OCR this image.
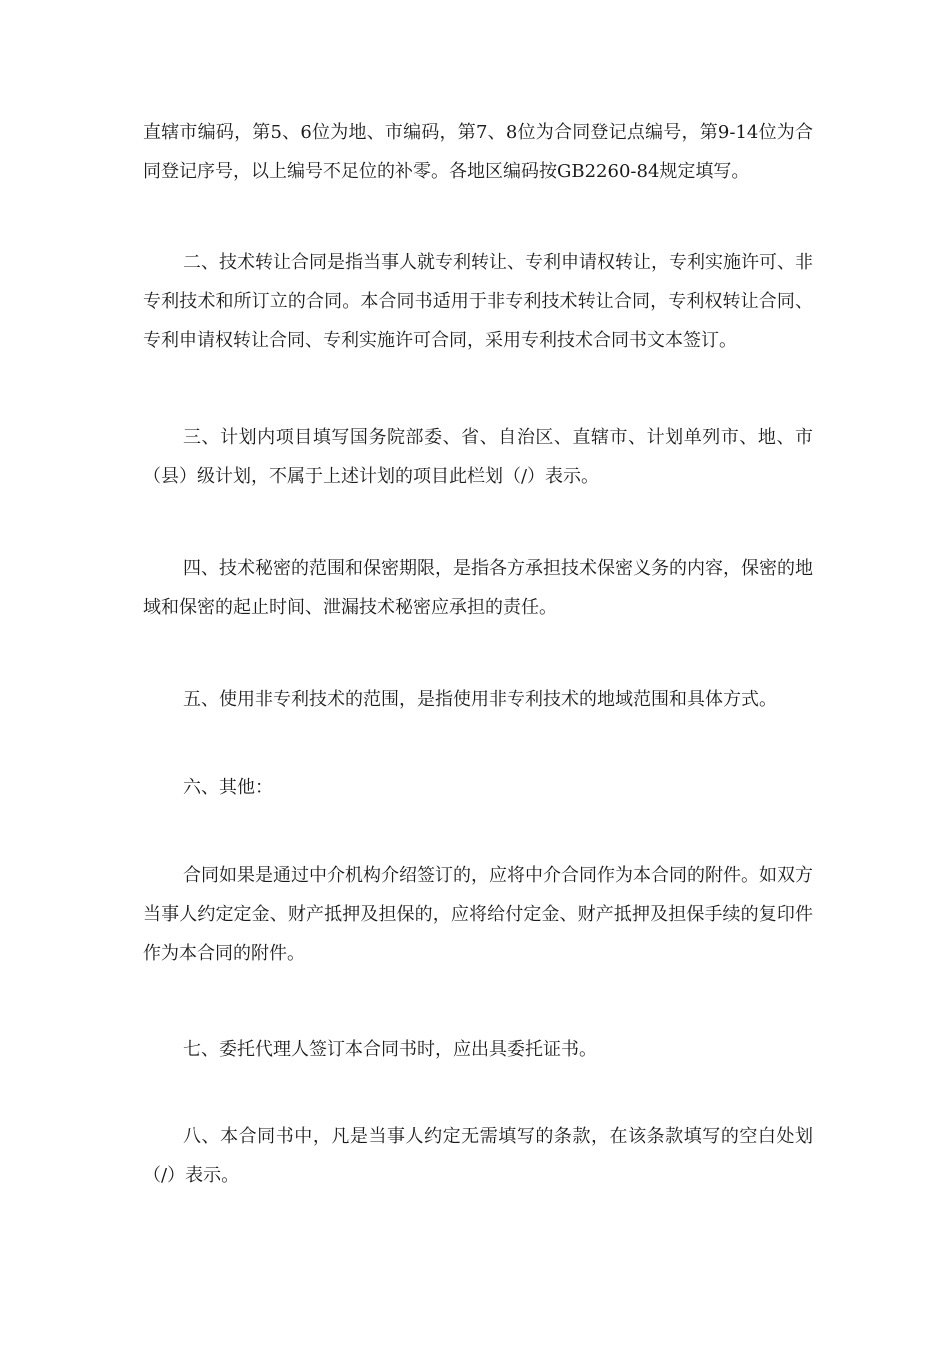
直辖市编码，第5、6位为地、市编码，第7、8位为合同登记点编号，第9-14位为合同登记序号，以上编号不足位的补零。各地区编码按GB2260-84规定填写。

二、技术转让合同是指当事人就专利转让、专利申请权转让，专利实施许可、非专利技术和所订立的合同。本合同书适用于非专利技术转让合同，专利权转让合同、专利申请权转让合同、专利实施许可合同，采用专利技术合同书文本签订。

三、计划内项目填写国务院部委、省、自治区、直辖市、计划单列市、地、市（县）级计划，不属于上述计划的项目此栏划（/）表示。

四、技术秘密的范围和保密期限，是指各方承担技术保密义务的内容，保密的地域和保密的起止时间、泄漏技术秘密应承担的责任。

五、使用非专利技术的范围，是指使用非专利技术的地域范围和具体方式。

六、其他：

合同如果是通过中介机构介绍签订的，应将中介合同作为本合同的附件。如双方当事人约定定金、财产抵押及担保的，应将给付定金、财产抵押及担保手续的复印件作为本合同的附件。

七、委托代理人签订本合同书时，应出具委托证书。

八、本合同书中，凡是当事人约定无需填写的条款，在该条款填写的空白处划（/）表示。
